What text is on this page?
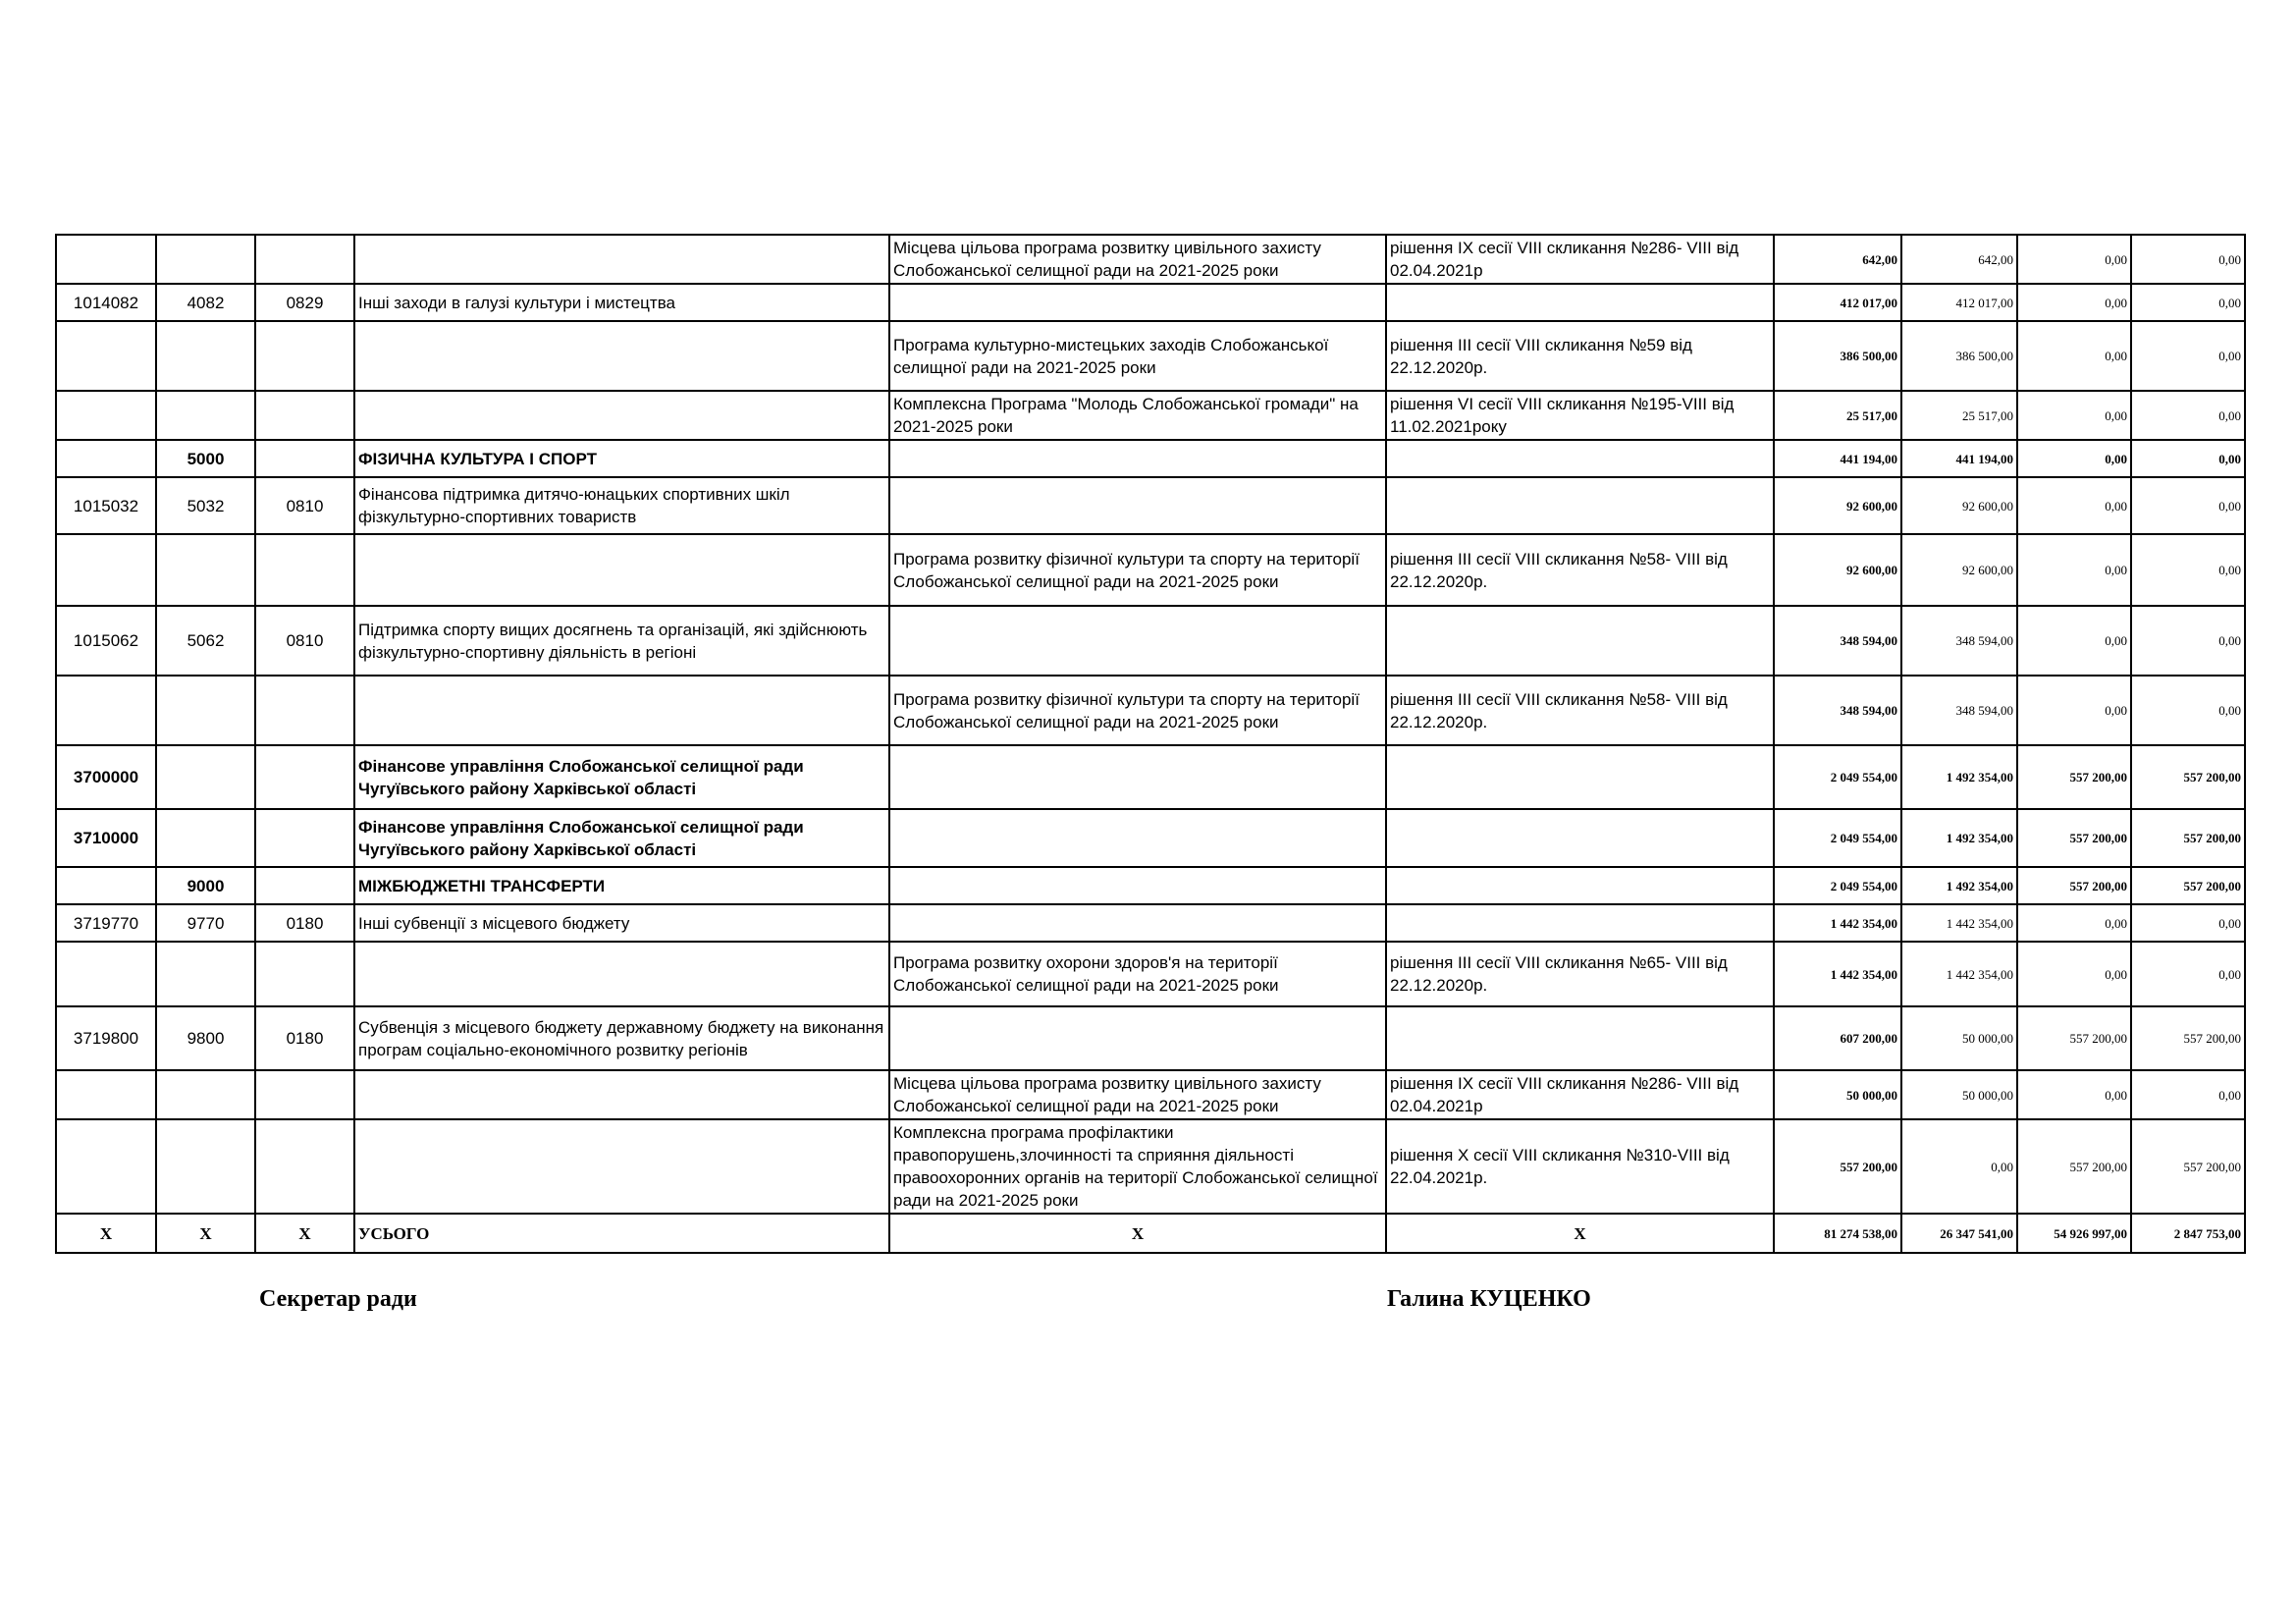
				Місцева цільова програма розвитку цивільного захисту Слобожанської селищної ради на 2021-2025 роки	рішення IX сесії VIII скликання №286- VIII від 02.04.2021р	642,00	642,00	0,00	0,00
1014082	4082	0829	Інші заходи в галузі культури і мистецтва			412 017,00	412 017,00	0,00	0,00
				Програма культурно-мистецьких заходів Слобожанської селищної ради на 2021-2025 роки	рішення III сесії VIII скликання №59 від 22.12.2020р.	386 500,00	386 500,00	0,00	0,00
				Комплексна Програма "Молодь Слобожанської громади" на 2021-2025 роки	рішення VI сесії VIII скликання №195-VIII від 11.02.2021року	25 517,00	25 517,00	0,00	0,00
	5000		ФІЗИЧНА КУЛЬТУРА І СПОРТ			441 194,00	441 194,00	0,00	0,00
1015032	5032	0810	Фінансова підтримка дитячо-юнацьких спортивних шкіл фізкультурно-спортивних товариств			92 600,00	92 600,00	0,00	0,00
				Програма розвитку фізичної культури та спорту на території Слобожанської селищної ради на 2021-2025 роки	рішення III сесії VIII скликання №58- VIII від 22.12.2020р.	92 600,00	92 600,00	0,00	0,00
1015062	5062	0810	Підтримка спорту вищих досягнень та організацій, які здійснюють фізкультурно-спортивну діяльність в регіоні			348 594,00	348 594,00	0,00	0,00
				Програма розвитку фізичної культури та спорту на території Слобожанської селищної ради на 2021-2025 роки	рішення III сесії VIII скликання №58- VIII від 22.12.2020р.	348 594,00	348 594,00	0,00	0,00
3700000			Фінансове управління Слобожанської селищної ради Чугуївського району Харківської області			2 049 554,00	1 492 354,00	557 200,00	557 200,00
3710000			Фінансове управління Слобожанської селищної ради Чугуївського району Харківської області			2 049 554,00	1 492 354,00	557 200,00	557 200,00
	9000		МІЖБЮДЖЕТНІ ТРАНСФЕРТИ			2 049 554,00	1 492 354,00	557 200,00	557 200,00
3719770	9770	0180	Інші субвенції з місцевого бюджету			1 442 354,00	1 442 354,00	0,00	0,00
				Програма розвитку охорони здоров'я на території Слобожанської селищної ради на 2021-2025 роки	рішення III сесії VIII скликання №65- VIII від 22.12.2020р.	1 442 354,00	1 442 354,00	0,00	0,00
3719800	9800	0180	Субвенція з місцевого бюджету державному бюджету на виконання програм соціально-економічного розвитку регіонів			607 200,00	50 000,00	557 200,00	557 200,00
				Місцева цільова програма розвитку цивільного захисту Слобожанської селищної ради на 2021-2025 роки	рішення IX сесії VIII скликання №286- VIII від 02.04.2021р	50 000,00	50 000,00	0,00	0,00
				Комплексна програма профілактики правопорушень,злочинності та сприяння діяльності правоохоронних органів на території Слобожанської селищної ради на 2021-2025 роки	рішення X сесії VIII скликання №310-VIII від 22.04.2021р.	557 200,00	0,00	557 200,00	557 200,00
Х	Х	Х	УСЬОГО	Х	Х	81 274 538,00	26 347 541,00	54 926 997,00	2 847 753,00
Секретар ради	Галина КУЦЕНКО
